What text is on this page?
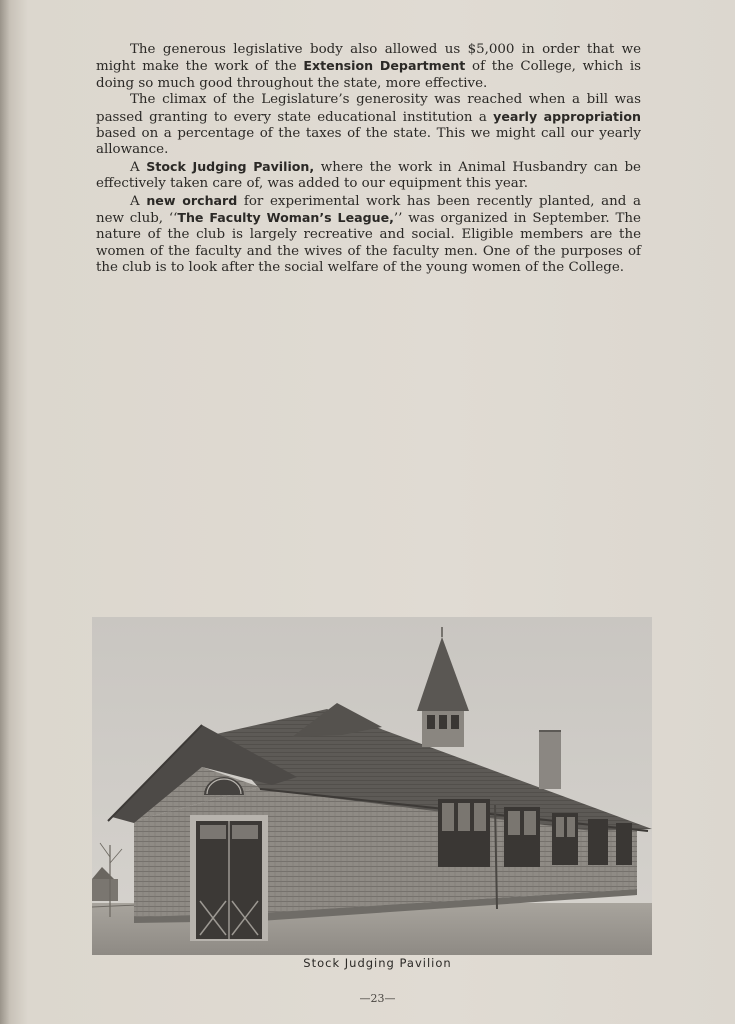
The generous legislative body also allowed us $5,000 in order that we might make the work of the Extension Department of the College, which is doing so much good throughout the state, more effective.

The climax of the Legislature’s generosity was reached when a bill was passed granting to every state educational institution a yearly appropriation based on a percentage of the taxes of the state. This we might call our yearly allowance.

A Stock Judging Pavilion, where the work in Animal Husbandry can be effectively taken care of, was added to our equipment this year.

A new orchard for experimental work has been recently planted, and a new club, ‘‘The Faculty Woman’s League,’’ was organized in September. The nature of the club is largely recreative and social. Eligible members are the women of the faculty and the wives of the faculty men. One of the purposes of the club is to look after the social welfare of the young women of the College.

Stock Judging Pavilion
—23—
